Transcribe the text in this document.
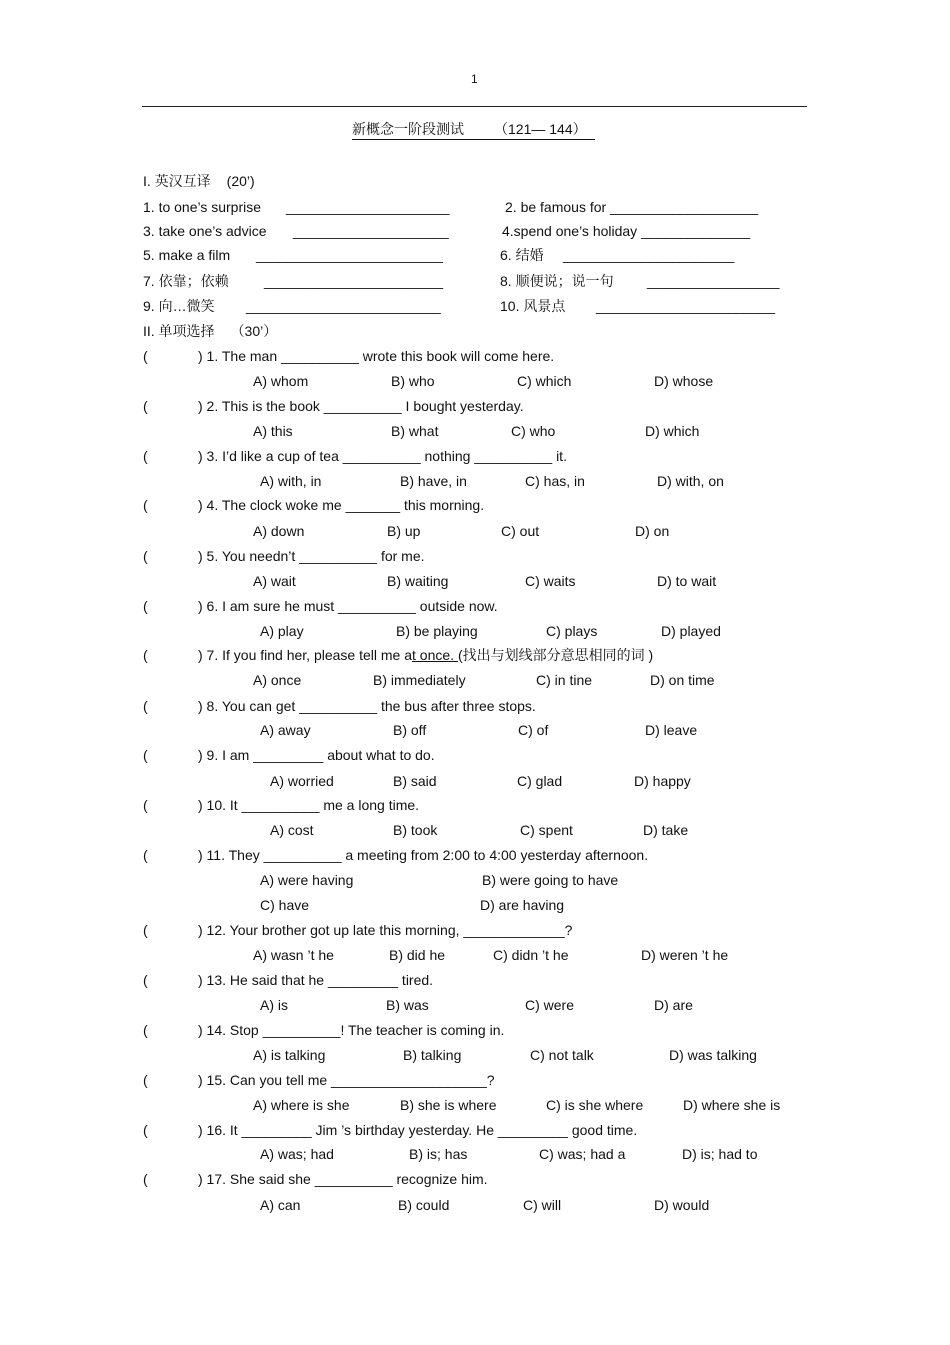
1
新概念一阶段测试 （121— 144）
I. 英汉互译 (20’)
1. to one’s surprise _____________________	2. be famous for ___________________
3. take one’s advice ____________________	4.spend one’s holiday ______________
5. make a film ________________________	6. 结婚 ______________________
7. 依靠；依赖	_______________________	8. 顺便说；说一句 _________________
9. 向…微笑 _________________________	10. 风景点 _______________________
II. 单项选择 （30’）
(	) 1. The man __________ wrote this book will come here.
A) whom	B) who	C) which	D) whose
(	) 2. This is the book __________ I bought yesterday.
A) this	B) what	C) who	D) which
(	) 3. I’d like a cup of tea __________ nothing __________ it.
A) with, in	B) have, in	C) has, in	D) with, on
(	) 4. The clock woke me _______ this morning.
A) down	B) up	C) out	D) on
(	) 5. You needn’t __________ for me.
A) wait	B) waiting	C) waits	D) to wait
(	) 6. I am sure he must __________ outside now.
A) play	B) be playing	C) plays	D) played
(	) 7. If you find her, please tell me at once. (找出与划线部分意思相同的词 )
A) once	B) immediately	C) in tine	D) on time
(	) 8. You can get __________ the bus after three stops.
A) away	B) off	C) of	D) leave
(	) 9. I am _________ about what to do.
A) worried	B) said	C) glad	D) happy
(	) 10. It __________ me a long time.
A) cost	B) took	C) spent	D) take
(	) 11. They __________ a meeting from 2:00 to 4:00 yesterday afternoon.
A) were having	B) were going to have
C) have	D) are having
(	) 12. Your brother got up late this morning, _____________?
A) wasn ’t he	B) did he	C) didn ’t he	D) weren ’t he
(	) 13. He said that he _________ tired.
A) is	B) was	C) were	D) are
(	) 14. Stop __________! The teacher is coming in.
A) is talking	B) talking	C) not talk	D) was talking
(	) 15. Can you tell me ____________________?
A) where is she	B) she is where	C) is she where	D) where she is
(	) 16. It _________ Jim ’s birthday yesterday. He _________ good time.
A) was; had	B) is; has	C) was; had a	D) is; had to
(	) 17. She said she __________ recognize him.
A) can	B) could	C) will	D) would
